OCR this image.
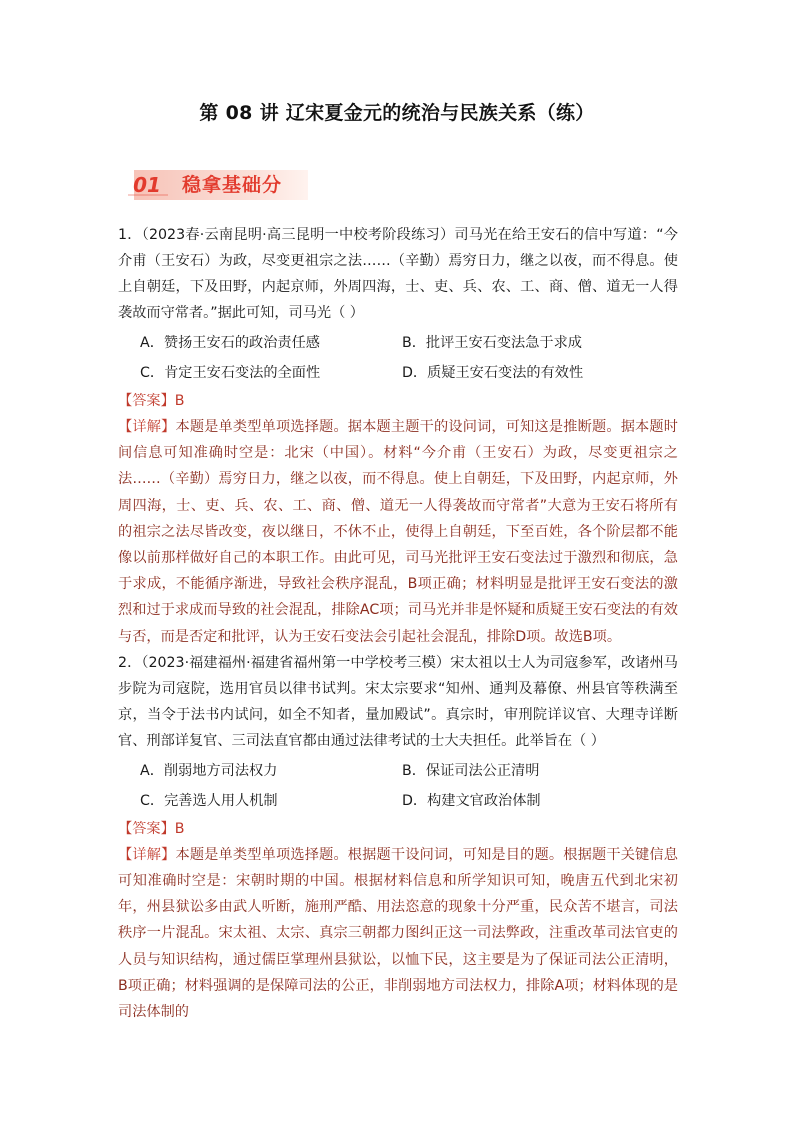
第 08 讲 辽宋夏金元的统治与民族关系（练）
01	稳拿基础分

1．（2023春·云南昆明·高三昆明一中校考阶段练习）司马光在给王安石的信中写道：“今介甫（王安石）为政，尽变更祖宗之法……（辛勤）焉穷日力，继之以夜，而不得息。使上自朝廷，下及田野，内起京师，外周四海，士、吏、兵、农、工、商、僧、道无一人得袭故而守常者。”据此可知，司马光（ ）

A．赞扬王安石的政治责任感	B．批评王安石变法急于求成
C．肯定王安石变法的全面性	D．质疑王安石变法的有效性

【答案】B

【详解】本题是单类型单项选择题。据本题主题干的设问词，可知这是推断题。据本题时间信息可知准确时空是：北宋（中国）。材料“今介甫（王安石）为政，尽变更祖宗之法……（辛勤）焉穷日力，继之以夜，而不得息。使上自朝廷，下及田野，内起京师，外周四海，士、吏、兵、农、工、商、僧、道无一人得袭故而守常者”大意为王安石将所有的祖宗之法尽皆改变，夜以继日，不休不止，使得上自朝廷，下至百姓，各个阶层都不能像以前那样做好自己的本职工作。由此可见，司马光批评王安石变法过于激烈和彻底，急于求成，不能循序渐进，导致社会秩序混乱，B项正确；材料明显是批评王安石变法的激烈和过于求成而导致的社会混乱，排除AC项；司马光并非是怀疑和质疑王安石变法的有效与否，而是否定和批评，认为王安石变法会引起社会混乱，排除D项。故选B项。

2．（2023·福建福州·福建省福州第一中学校考三模）宋太祖以士人为司寇参军，改诸州马步院为司寇院，选用官员以律书试判。宋太宗要求“知州、通判及幕僚、州县官等秩满至京，当令于法书内试问，如全不知者，量加殿试”。真宗时，审刑院详议官、大理寺详断官、刑部详复官、三司法直官都由通过法律考试的士大夫担任。此举旨在（ ）

A．削弱地方司法权力	B．保证司法公正清明
C．完善选人用人机制	D．构建文官政治体制

【答案】B

【详解】本题是单类型单项选择题。根据题干设问词，可知是目的题。根据题干关键信息可知准确时空是：宋朝时期的中国。根据材料信息和所学知识可知，晚唐五代到北宋初年，州县狱讼多由武人听断，施刑严酷、用法恣意的现象十分严重，民众苦不堪言，司法秩序一片混乱。宋太祖、太宗、真宗三朝都力图纠正这一司法弊政，注重改革司法官吏的人员与知识结构，通过儒臣掌理州县狱讼，以恤下民，这主要是为了保证司法公正清明，B项正确；材料强调的是保障司法的公正，非削弱地方司法权力，排除A项；材料体现的是司法体制的
